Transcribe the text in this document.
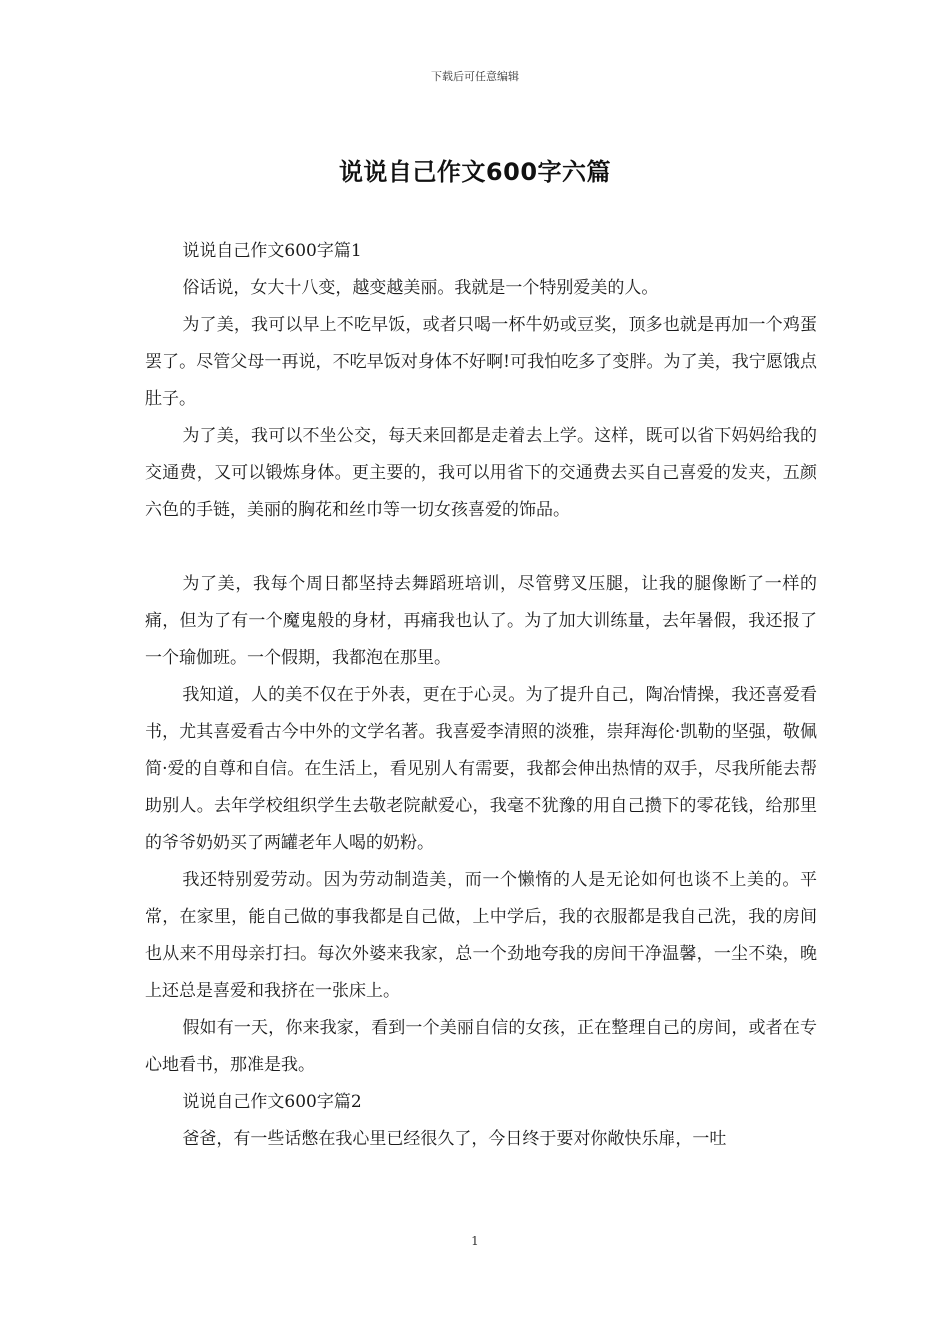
下载后可任意编辑
说说自己作文600字六篇

说说自己作文600字篇1

俗话说，女大十八变，越变越美丽。我就是一个特别爱美的人。

为了美，我可以早上不吃早饭，或者只喝一杯牛奶或豆奖，顶多也就是再加一个鸡蛋罢了。尽管父母一再说，不吃早饭对身体不好啊!可我怕吃多了变胖。为了美，我宁愿饿点肚子。

为了美，我可以不坐公交，每天来回都是走着去上学。这样，既可以省下妈妈给我的交通费，又可以锻炼身体。更主要的，我可以用省下的交通费去买自己喜爱的发夹，五颜六色的手链，美丽的胸花和丝巾等一切女孩喜爱的饰品。

为了美，我每个周日都坚持去舞蹈班培训，尽管劈叉压腿，让我的腿像断了一样的痛，但为了有一个魔鬼般的身材，再痛我也认了。为了加大训练量，去年暑假，我还报了一个瑜伽班。一个假期，我都泡在那里。

我知道，人的美不仅在于外表，更在于心灵。为了提升自己，陶冶情操，我还喜爱看书，尤其喜爱看古今中外的文学名著。我喜爱李清照的淡雅，崇拜海伦·凯勒的坚强，敬佩简·爱的自尊和自信。在生活上，看见别人有需要，我都会伸出热情的双手，尽我所能去帮助别人。去年学校组织学生去敬老院献爱心，我毫不犹豫的用自己攒下的零花钱，给那里的爷爷奶奶买了两罐老年人喝的奶粉。

我还特别爱劳动。因为劳动制造美，而一个懒惰的人是无论如何也谈不上美的。平常，在家里，能自己做的事我都是自己做，上中学后，我的衣服都是我自己洗，我的房间也从来不用母亲打扫。每次外婆来我家，总一个劲地夸我的房间干净温馨，一尘不染，晚上还总是喜爱和我挤在一张床上。

假如有一天，你来我家，看到一个美丽自信的女孩，正在整理自己的房间，或者在专心地看书，那准是我。

说说自己作文600字篇2

爸爸，有一些话憋在我心里已经很久了，今日终于要对你敞快乐扉，一吐

1
